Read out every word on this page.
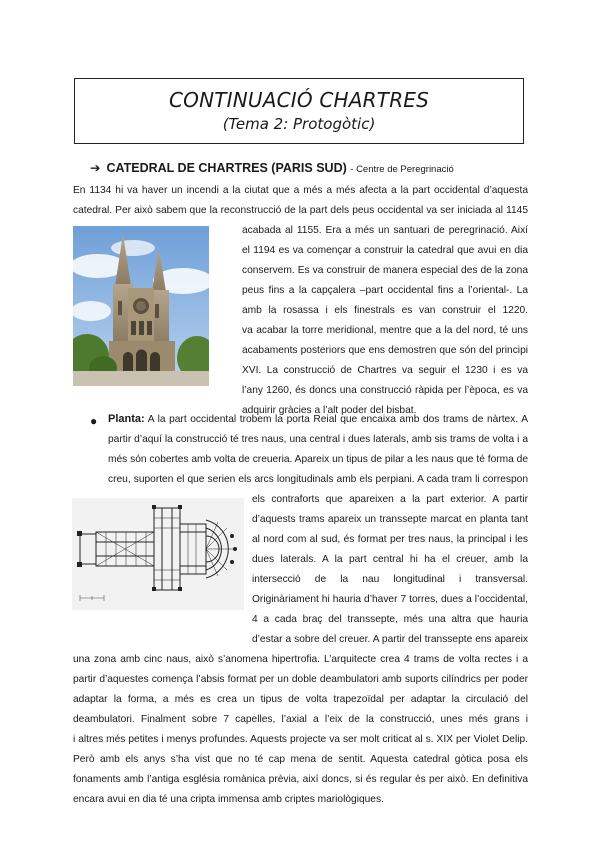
CONTINUACIÓ CHARTRES
(Tema 2: Protogòtic)
➔ CATEDRAL DE CHARTRES (PARIS SUD) - Centre de Peregrinació
En 1134 hi va haver un incendi a la ciutat que a més a més afecta a la part occidental d’aquesta
catedral. Per això sabem que la reconstrucció de la part dels peus occidental va ser iniciada al 1145
acabada al 1155. Era a més un santuari de peregrinació. Així
el 1194 es va començar a construir la catedral que avui en dia
conservem. Es va construir de manera especial des de la zona
peus fins a la capçalera –part occidental fins a l’oriental-. La
amb la rosassa i els finestrals es van construir el 1220.
va acabar la torre meridional, mentre que a la del nord, té uns
acabaments posteriors que ens demostren que són del principi
XVI. La construcció de Chartres va seguir el 1230 i es va
l’any 1260, és doncs una construcció ràpida per l’època, es va
adquirir gràcies a l’alt poder del bisbat.
● Planta: A la part occidental trobem la porta Reial que encaixa amb dos trams de nàrtex. A
partir d’aquí la construcció té tres naus, una central i dues laterals, amb sis trams de volta i a
més són cobertes amb volta de creueria. Apareix un tipus de pilar a les naus que té forma de
creu, suporten el que serien els arcs longitudinals amb els perpiani. A cada tram li correspon
els contraforts que apareixen a la part exterior. A partir
d’aquests trams apareix un transsepte marcat en planta tant
al nord com al sud, és format per tres naus, la principal i les
dues laterals. A la part central hi ha el creuer, amb la
intersecció de la nau longitudinal i transversal.
Originàriament hi hauria d’haver 7 torres, dues a l’occidental,
4 a cada braç del transsepte, més una altra que hauria
d’estar a sobre del creuer. A partir del transsepte ens apareix
una zona amb cinc naus, això s’anomena hipertrofia. L’arquitecte crea 4 trams de volta rectes i a
partir d’aquestes comença l’absis format per un doble deambulatori amb suports cilíndrics per poder
adaptar la forma, a més es crea un tipus de volta trapezoïdal per adaptar la circulació del
deambulatori. Finalment sobre 7 capelles, l’axial a l’eix de la construcció, unes més grans i
i altres més petites i menys profundes. Aquests projecte va ser molt criticat al s. XIX per Violet Delip.
Però amb els anys s’ha vist que no té cap mena de sentit. Aquesta catedral gòtica posa els
fonaments amb l’antiga església romànica prèvia, així doncs, si és regular és per això. En definitiva
encara avui en dia té una cripta immensa amb criptes mariològiques.
